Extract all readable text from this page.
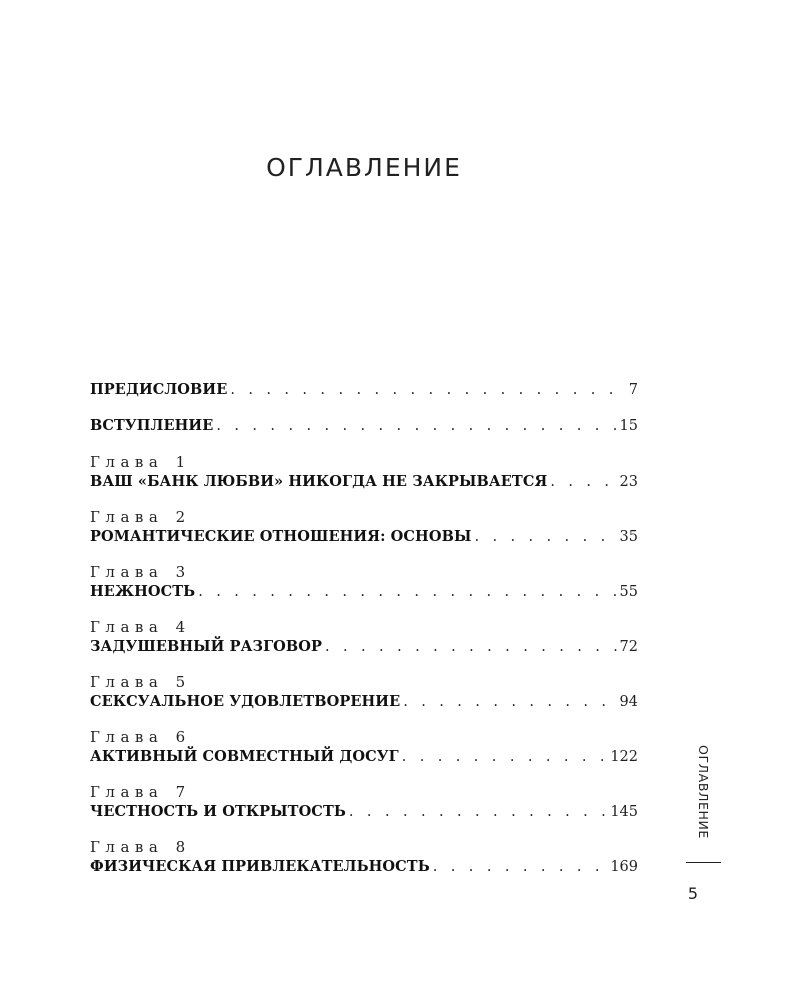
ОГЛАВЛЕНИЕ
ПРЕДИСЛОВИЕ . . .	7
ВСТУПЛЕНИЕ . . .	15
Глава 1
ВАШ «БАНК ЛЮБВИ» НИКОГДА НЕ ЗАКРЫВАЕТСЯ . . .	23
Глава 2
РОМАНТИЧЕСКИЕ ОТНОШЕНИЯ: ОСНОВЫ . . .	35
Глава 3
НЕЖНОСТЬ . . .	55
Глава 4
ЗАДУШЕВНЫЙ РАЗГОВОР . . .	72
Глава 5
СЕКСУАЛЬНОЕ УДОВЛЕТВОРЕНИЕ . . .	94
Глава 6
АКТИВНЫЙ СОВМЕСТНЫЙ ДОСУГ . . .	122
Глава 7
ЧЕСТНОСТЬ И ОТКРЫТОСТЬ . . .	145
Глава 8
ФИЗИЧЕСКАЯ ПРИВЛЕКАТЕЛЬНОСТЬ . . .	169
ОГЛАВЛЕНИЕ
5
